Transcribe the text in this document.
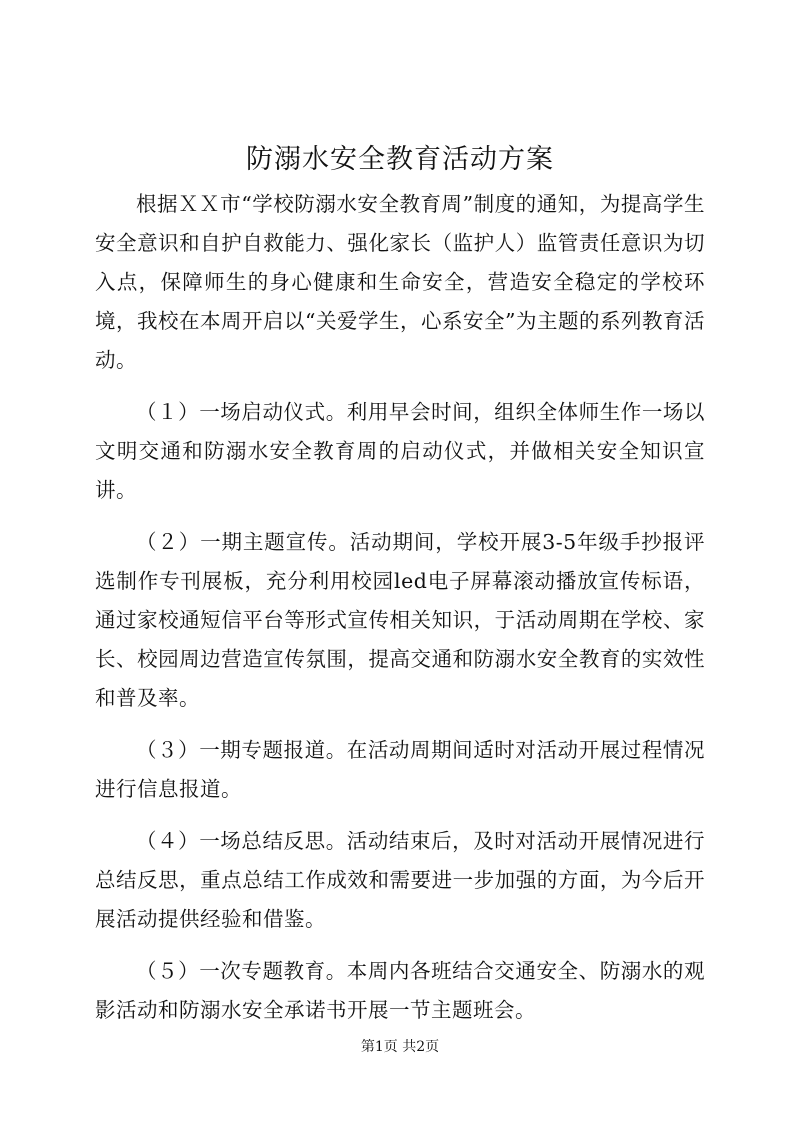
防溺水安全教育活动方案

根据ＸＸ市“学校防溺水安全教育周”制度的通知，为提高学生安全意识和自护自救能力、强化家长（监护人）监管责任意识为切入点，保障师生的身心健康和生命安全，营造安全稳定的学校环境，我校在本周开启以“关爱学生，心系安全”为主题的系列教育活动。

（１）一场启动仪式。利用早会时间，组织全体师生作一场以文明交通和防溺水安全教育周的启动仪式，并做相关安全知识宣讲。

（２）一期主题宣传。活动期间，学校开展3-5年级手抄报评选制作专刊展板，充分利用校园led电子屏幕滚动播放宣传标语，通过家校通短信平台等形式宣传相关知识，于活动周期在学校、家长、校园周边营造宣传氛围，提高交通和防溺水安全教育的实效性和普及率。

（３）一期专题报道。在活动周期间适时对活动开展过程情况进行信息报道。

（４）一场总结反思。活动结束后，及时对活动开展情况进行总结反思，重点总结工作成效和需要进一步加强的方面，为今后开展活动提供经验和借鉴。

（５）一次专题教育。本周内各班结合交通安全、防溺水的观影活动和防溺水安全承诺书开展一节主题班会。

第1页 共2页
